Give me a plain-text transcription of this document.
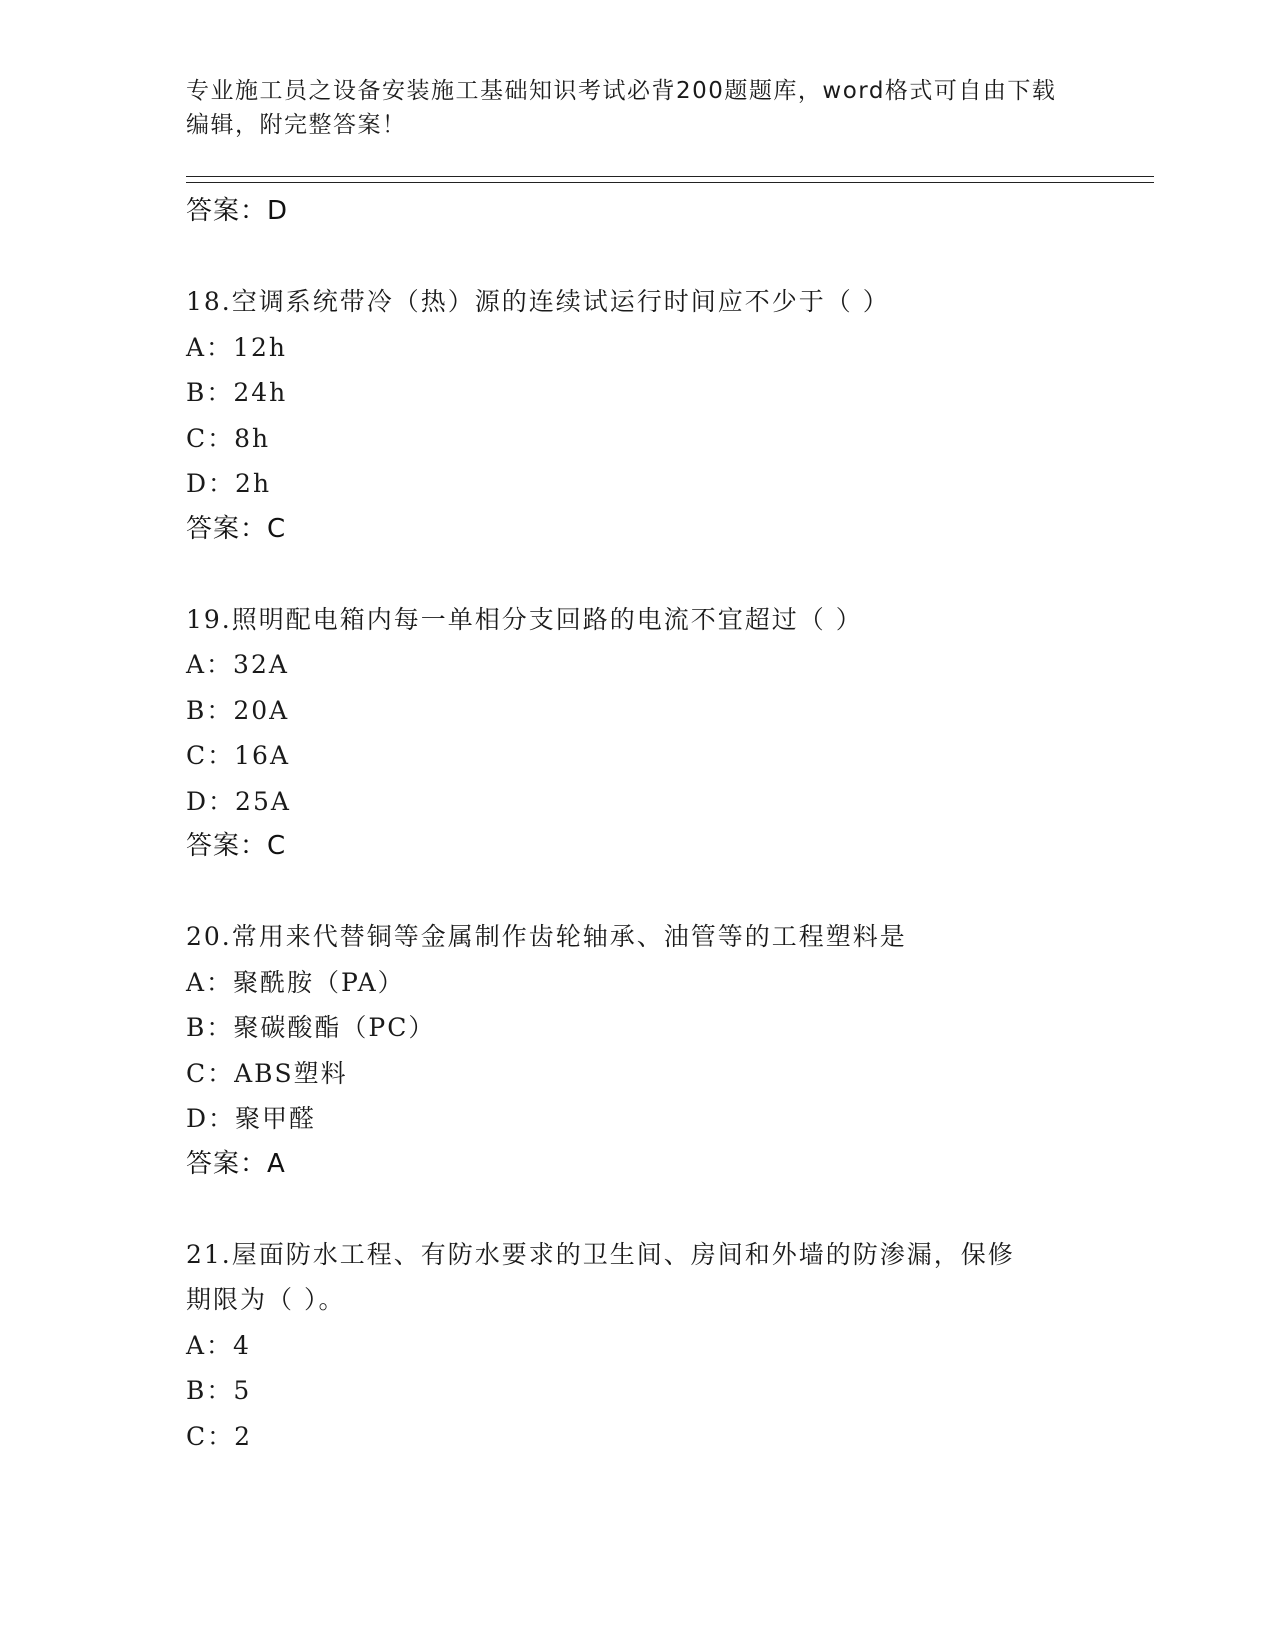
专业施工员之设备安装施工基础知识考试必背200题题库，word格式可自由下载
编辑，附完整答案！
答案：D
18.空调系统带冷（热）源的连续试运行时间应不少于（ ）
A：12h
B：24h
C：8h
D：2h
答案：C
19.照明配电箱内每一单相分支回路的电流不宜超过（ ）
A：32A
B：20A
C：16A
D：25A
答案：C
20.常用来代替铜等金属制作齿轮轴承、油管等的工程塑料是
A：聚酰胺（PA）
B：聚碳酸酯（PC）
C：ABS塑料
D：聚甲醛
答案：A
21.屋面防水工程、有防水要求的卫生间、房间和外墙的防渗漏，保修
期限为（ ）。
A：4
B：5
C：2
